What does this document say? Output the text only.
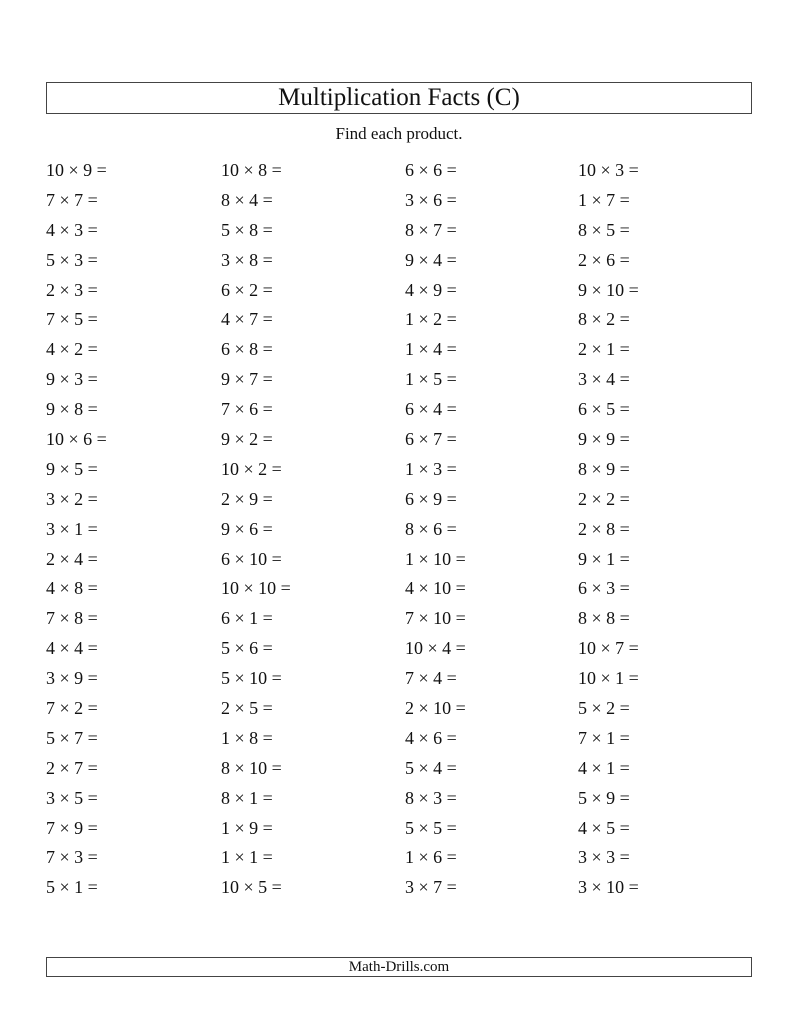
Multiplication Facts (C)
Find each product.
10 × 9 =
7 × 7 =
4 × 3 =
5 × 3 =
2 × 3 =
7 × 5 =
4 × 2 =
9 × 3 =
9 × 8 =
10 × 6 =
9 × 5 =
3 × 2 =
3 × 1 =
2 × 4 =
4 × 8 =
7 × 8 =
4 × 4 =
3 × 9 =
7 × 2 =
5 × 7 =
2 × 7 =
3 × 5 =
7 × 9 =
7 × 3 =
5 × 1 =
10 × 8 =
8 × 4 =
5 × 8 =
3 × 8 =
6 × 2 =
4 × 7 =
6 × 8 =
9 × 7 =
7 × 6 =
9 × 2 =
10 × 2 =
2 × 9 =
9 × 6 =
6 × 10 =
10 × 10 =
6 × 1 =
5 × 6 =
5 × 10 =
2 × 5 =
1 × 8 =
8 × 10 =
8 × 1 =
1 × 9 =
1 × 1 =
10 × 5 =
6 × 6 =
3 × 6 =
8 × 7 =
9 × 4 =
4 × 9 =
1 × 2 =
1 × 4 =
1 × 5 =
6 × 4 =
6 × 7 =
1 × 3 =
6 × 9 =
8 × 6 =
1 × 10 =
4 × 10 =
7 × 10 =
10 × 4 =
7 × 4 =
2 × 10 =
4 × 6 =
5 × 4 =
8 × 3 =
5 × 5 =
1 × 6 =
3 × 7 =
10 × 3 =
1 × 7 =
8 × 5 =
2 × 6 =
9 × 10 =
8 × 2 =
2 × 1 =
3 × 4 =
6 × 5 =
9 × 9 =
8 × 9 =
2 × 2 =
2 × 8 =
9 × 1 =
6 × 3 =
8 × 8 =
10 × 7 =
10 × 1 =
5 × 2 =
7 × 1 =
4 × 1 =
5 × 9 =
4 × 5 =
3 × 3 =
3 × 10 =
Math-Drills.com
